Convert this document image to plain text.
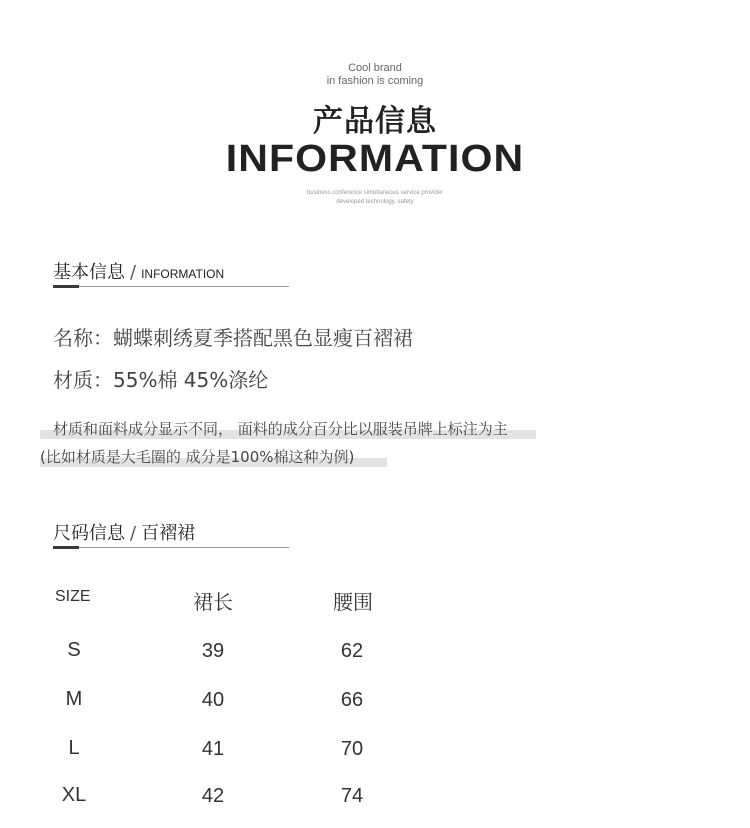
Cool brand
in fashion is coming
产品信息
INFORMATION
business conference simultaneous service provider
developed technology, safety
基本信息 / INFORMATION
名称：蝴蝶刺绣夏季搭配黑色显瘦百褶裙
材质：55%棉 45%涤纶
材质和面料成分显示不同， 面料的成分百分比以服装吊牌上标注为主
(比如材质是大毛圈的 成分是100%棉这种为例)
尺码信息 / 百褶裙
SIZE	裙长	腰围
S	39	62
M	40	66
L	41	70
XL	42	74
